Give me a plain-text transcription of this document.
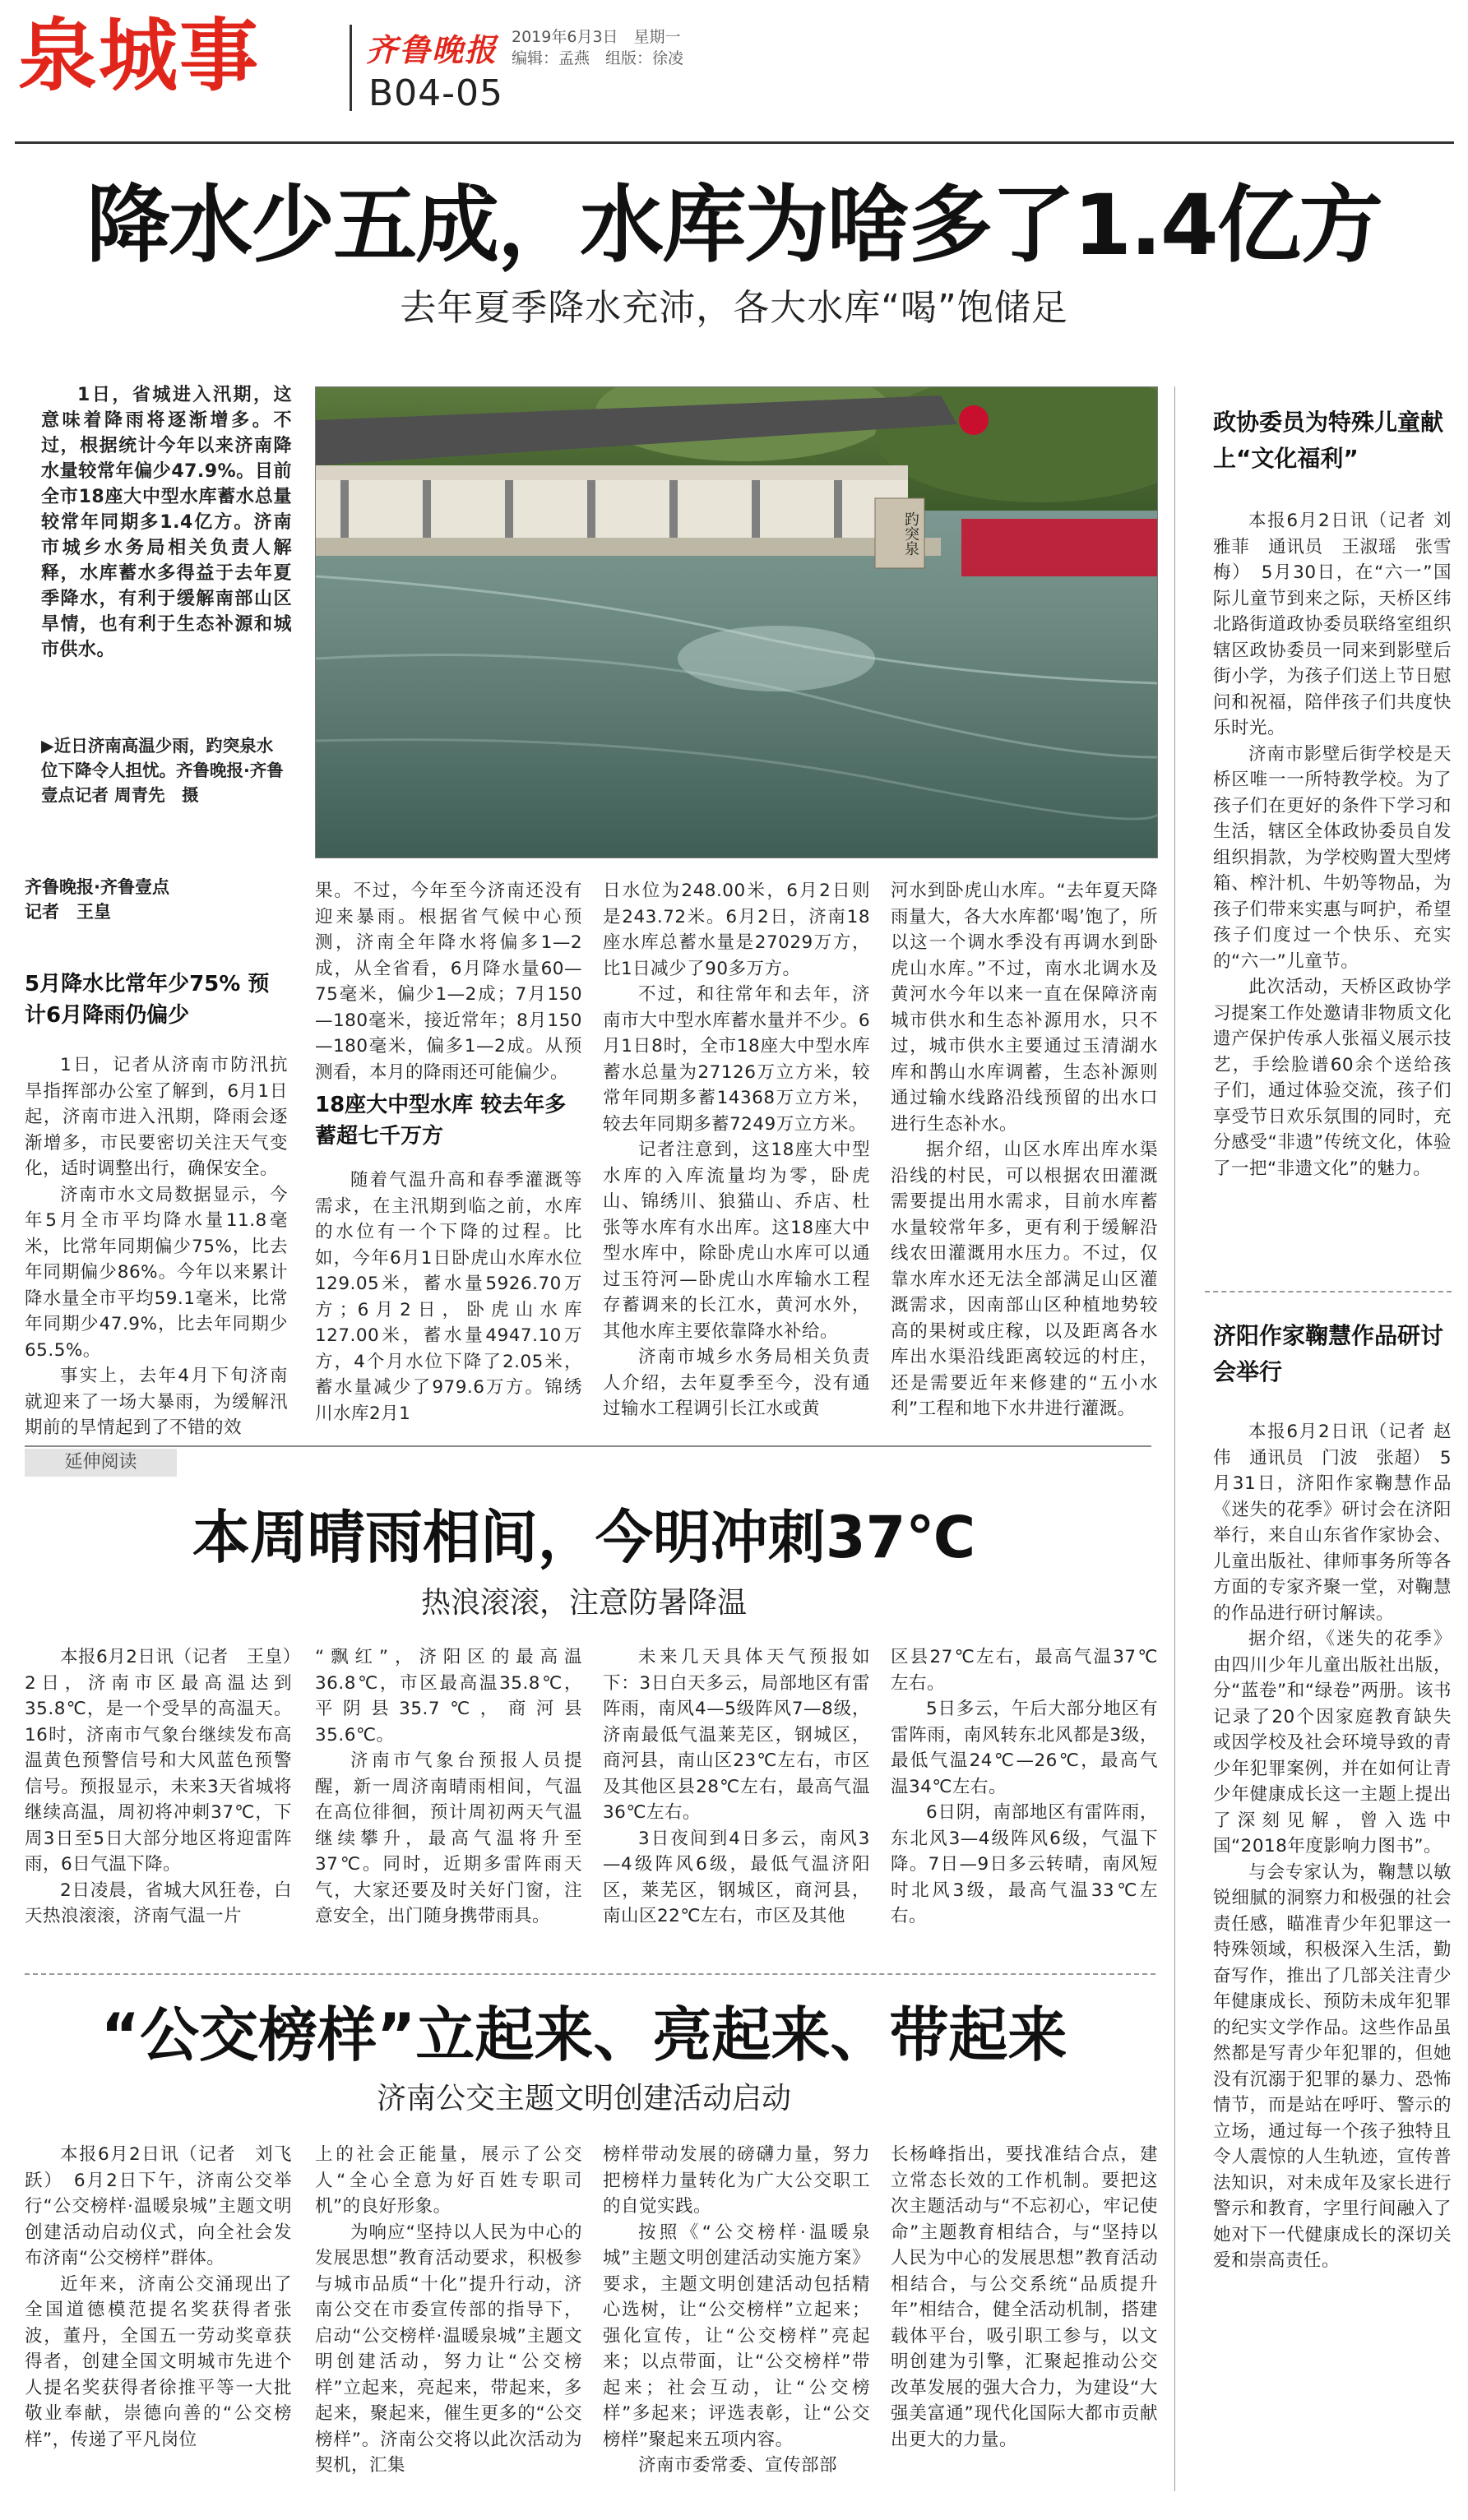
泉城事	齐鲁晚报 2019年6月3日　星期一
编辑：孟燕　组版：徐凌
B04-05
降水少五成，水库为啥多了1.4亿方
去年夏季降水充沛，各大水库“喝”饱储足

1日，省城进入汛期，这意味着降雨将逐渐增多。不过，根据统计今年以来济南降水量较常年偏少47.9%。目前全市18座大中型水库蓄水总量较常年同期多1.4亿方。济南市城乡水务局相关负责人解释，水库蓄水多得益于去年夏季降水，有利于缓解南部山区旱情，也有利于生态补源和城市供水。

趵突泉
▶近日济南高温少雨，趵突泉水位下降令人担忧。齐鲁晚报·齐鲁壹点记者 周青先　摄
齐鲁晚报·齐鲁壹点
记者　王皇
5月降水比常年少75% 预计6月降雨仍偏少

1日，记者从济南市防汛抗旱指挥部办公室了解到，6月1日起，济南市进入汛期，降雨会逐渐增多，市民要密切关注天气变化，适时调整出行，确保安全。

济南市水文局数据显示，今年5月全市平均降水量11.8毫米，比常年同期偏少75%，比去年同期偏少86%。今年以来累计降水量全市平均59.1毫米，比常年同期少47.9%，比去年同期少65.5%。

事实上，去年4月下旬济南就迎来了一场大暴雨，为缓解汛期前的旱情起到了不错的效

果。不过，今年至今济南还没有迎来暴雨。根据省气候中心预测，济南全年降水将偏多1—2成，从全省看，6月降水量60—75毫米，偏少1—2成；7月150—180毫米，接近常年；8月150—180毫米，偏多1—2成。从预测看，本月的降雨还可能偏少。

18座大中型水库 较去年多蓄超七千万方

随着气温升高和春季灌溉等需求，在主汛期到临之前，水库的水位有一个下降的过程。比如，今年6月1日卧虎山水库水位129.05米，蓄水量5926.70万方；6月2日，卧虎山水库127.00米，蓄水量4947.10万方，4个月水位下降了2.05米，蓄水量减少了979.6万方。锦绣川水库2月1

日水位为248.00米，6月2日则是243.72米。6月2日，济南18座水库总蓄水量是27029万方，比1日减少了90多万方。

不过，和往常年和去年，济南市大中型水库蓄水量并不少。6月1日8时，全市18座大中型水库蓄水总量为27126万立方米，较常年同期多蓄14368万立方米，较去年同期多蓄7249万立方米。

记者注意到，这18座大中型水库的入库流量均为零，卧虎山、锦绣川、狼猫山、乔店、杜张等水库有水出库。这18座大中型水库中，除卧虎山水库可以通过玉符河—卧虎山水库输水工程存蓄调来的长江水，黄河水外，其他水库主要依靠降水补给。

济南市城乡水务局相关负责人介绍，去年夏季至今，没有通过输水工程调引长江水或黄

河水到卧虎山水库。“去年夏天降雨量大，各大水库都‘喝’饱了，所以这一个调水季没有再调水到卧虎山水库。”不过，南水北调水及黄河水今年以来一直在保障济南城市供水和生态补源用水，只不过，城市供水主要通过玉清湖水库和鹊山水库调蓄，生态补源则通过输水线路沿线预留的出水口进行生态补水。

据介绍，山区水库出库水渠沿线的村民，可以根据农田灌溉需要提出用水需求，目前水库蓄水量较常年多，更有利于缓解沿线农田灌溉用水压力。不过，仅靠水库水还无法全部满足山区灌溉需求，因南部山区种植地势较高的果树或庄稼，以及距离各水库出水渠沿线距离较远的村庄，还是需要近年来修建的“五小水利”工程和地下水井进行灌溉。

政协委员为特殊儿童献上“文化福利”

本报6月2日讯（记者 刘雅菲　通讯员　王淑瑶　张雪梅）　5月30日，在“六一”国际儿童节到来之际，天桥区纬北路街道政协委员联络室组织辖区政协委员一同来到影壁后街小学，为孩子们送上节日慰问和祝福，陪伴孩子们共度快乐时光。

济南市影壁后街学校是天桥区唯一一所特教学校。为了孩子们在更好的条件下学习和生活，辖区全体政协委员自发组织捐款，为学校购置大型烤箱、榨汁机、牛奶等物品，为孩子们带来实惠与呵护，希望孩子们度过一个快乐、充实的“六一”儿童节。

此次活动，天桥区政协学习提案工作处邀请非物质文化遗产保护传承人张福义展示技艺，手绘脸谱60余个送给孩子们，通过体验交流，孩子们享受节日欢乐氛围的同时，充分感受“非遗”传统文化，体验了一把“非遗文化”的魅力。

济阳作家鞠慧作品研讨会举行

本报6月2日讯（记者 赵伟　通讯员　门波　张超）　5月31日，济阳作家鞠慧作品《迷失的花季》研讨会在济阳举行，来自山东省作家协会、儿童出版社、律师事务所等各方面的专家齐聚一堂，对鞠慧的作品进行研讨解读。

据介绍，《迷失的花季》由四川少年儿童出版社出版，分“蓝卷”和“绿卷”两册。该书记录了20个因家庭教育缺失或因学校及社会环境导致的青少年犯罪案例，并在如何让青少年健康成长这一主题上提出了深刻见解，曾入选中国“2018年度影响力图书”。

与会专家认为，鞠慧以敏锐细腻的洞察力和极强的社会责任感，瞄准青少年犯罪这一特殊领域，积极深入生活，勤奋写作，推出了几部关注青少年健康成长、预防未成年犯罪的纪实文学作品。这些作品虽然都是写青少年犯罪的，但她没有沉溺于犯罪的暴力、恐怖情节，而是站在呼吁、警示的立场，通过每一个孩子独特且令人震惊的人生轨迹，宣传普法知识，对未成年及家长进行警示和教育，字里行间融入了她对下一代健康成长的深切关爱和崇高责任。

延伸阅读
本周晴雨相间，今明冲刺37℃
热浪滚滚，注意防暑降温

本报6月2日讯（记者　王皇）　2日，济南市区最高温达到35.8℃，是一个受旱的高温天。16时，济南市气象台继续发布高温黄色预警信号和大风蓝色预警信号。预报显示，未来3天省城将继续高温，周初将冲刺37℃，下周3日至5日大部分地区将迎雷阵雨，6日气温下降。

2日凌晨，省城大风狂卷，白天热浪滚滚，济南气温一片

“飘红”，济阳区的最高温36.8℃，市区最高温35.8℃，平阴县35.7℃，商河县35.6℃。

济南市气象台预报人员提醒，新一周济南晴雨相间，气温在高位徘徊，预计周初两天气温继续攀升，最高气温将升至37℃。同时，近期多雷阵雨天气，大家还要及时关好门窗，注意安全，出门随身携带雨具。

未来几天具体天气预报如下：3日白天多云，局部地区有雷阵雨，南风4—5级阵风7—8级，济南最低气温莱芜区，钢城区，商河县，南山区23℃左右，市区及其他区县28℃左右，最高气温36℃左右。

3日夜间到4日多云，南风3—4级阵风6级，最低气温济阳区，莱芜区，钢城区，商河县，南山区22℃左右，市区及其他

区县27℃左右，最高气温37℃左右。

5日多云，午后大部分地区有雷阵雨，南风转东北风都是3级，最低气温24℃—26℃，最高气温34℃左右。

6日阴，南部地区有雷阵雨，东北风3—4级阵风6级，气温下降。7日—9日多云转晴，南风短时北风3级，最高气温33℃左右。

“公交榜样”立起来、亮起来、带起来
济南公交主题文明创建活动启动

本报6月2日讯（记者　刘飞跃）　6月2日下午，济南公交举行“公交榜样·温暖泉城”主题文明创建活动启动仪式，向全社会发布济南“公交榜样”群体。

近年来，济南公交涌现出了全国道德模范提名奖获得者张波，董丹，全国五一劳动奖章获得者，创建全国文明城市先进个人提名奖获得者徐推平等一大批敬业奉献，崇德向善的“公交榜样”，传递了平凡岗位

上的社会正能量，展示了公交人“全心全意为好百姓专职司机”的良好形象。

为响应“坚持以人民为中心的发展思想”教育活动要求，积极参与城市品质“十化”提升行动，济南公交在市委宣传部的指导下，启动“公交榜样·温暖泉城”主题文明创建活动，努力让“公交榜样”立起来，亮起来，带起来，多起来，聚起来，催生更多的“公交榜样”。济南公交将以此次活动为契机，汇集

榜样带动发展的磅礴力量，努力把榜样力量转化为广大公交职工的自觉实践。

按照《“公交榜样·温暖泉城”主题文明创建活动实施方案》要求，主题文明创建活动包括精心选树，让“公交榜样”立起来；强化宣传，让“公交榜样”亮起来；以点带面，让“公交榜样”带起来；社会互动，让“公交榜样”多起来；评选表彰，让“公交榜样”聚起来五项内容。

济南市委常委、宣传部部

长杨峰指出，要找准结合点，建立常态长效的工作机制。要把这次主题活动与“不忘初心，牢记使命”主题教育相结合，与“坚持以人民为中心的发展思想”教育活动相结合，与公交系统“品质提升年”相结合，健全活动机制，搭建载体平台，吸引职工参与，以文明创建为引擎，汇聚起推动公交改革发展的强大合力，为建设“大强美富通”现代化国际大都市贡献出更大的力量。
